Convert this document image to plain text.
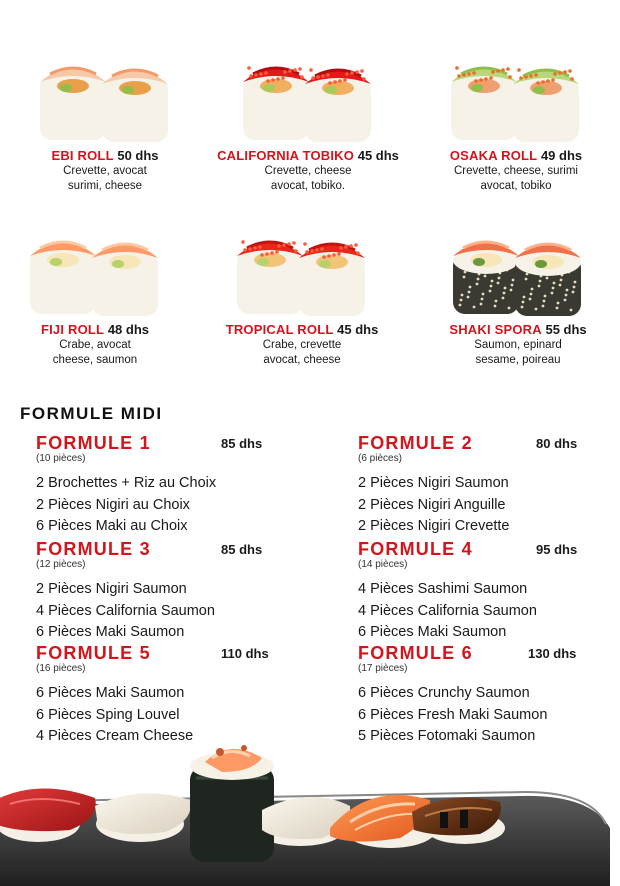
EBI ROLL 50 dhs
Crevette, avocat
surimi, cheese
CALIFORNIA TOBIKO 45 dhs
Crevette, cheese
avocat, tobiko.
OSAKA ROLL 49 dhs
Crevette, cheese, surimi
avocat, tobiko
FIJI ROLL 48 dhs
Crabe, avocat
cheese, saumon
TROPICAL ROLL 45 dhs
Crabe, crevette
avocat, cheese
SHAKI SPORA 55 dhs
Saumon, epinard
sesame, poireau
FORMULE MIDI
FORMULE 1	85 dhs
(10 pièces)
2 Brochettes + Riz au Choix
2 Pièces Nigiri au Choix
6 Pièces Maki au Choix
FORMULE 2	80 dhs
(6 pièces)
2 Pièces Nigiri Saumon
2 Pièces Nigiri Anguille
2 Pièces Nigiri Crevette
FORMULE 3	85 dhs
(12 pièces)
2 Pièces Nigiri Saumon
4 Pièces California Saumon
6 Pièces Maki Saumon
FORMULE 4	95 dhs
(14 pièces)
4 Pièces Sashimi Saumon
4 Pièces California Saumon
6 Pièces Maki Saumon
FORMULE 5	110 dhs
(16 pièces)
6 Pièces Maki Saumon
6 Pièces Sping Louvel
4 Pièces Cream Cheese
FORMULE 6	130 dhs
(17 pièces)
6 Pièces Crunchy Saumon
6 Pièces Fresh Maki Saumon
5 Pièces Fotomaki Saumon
